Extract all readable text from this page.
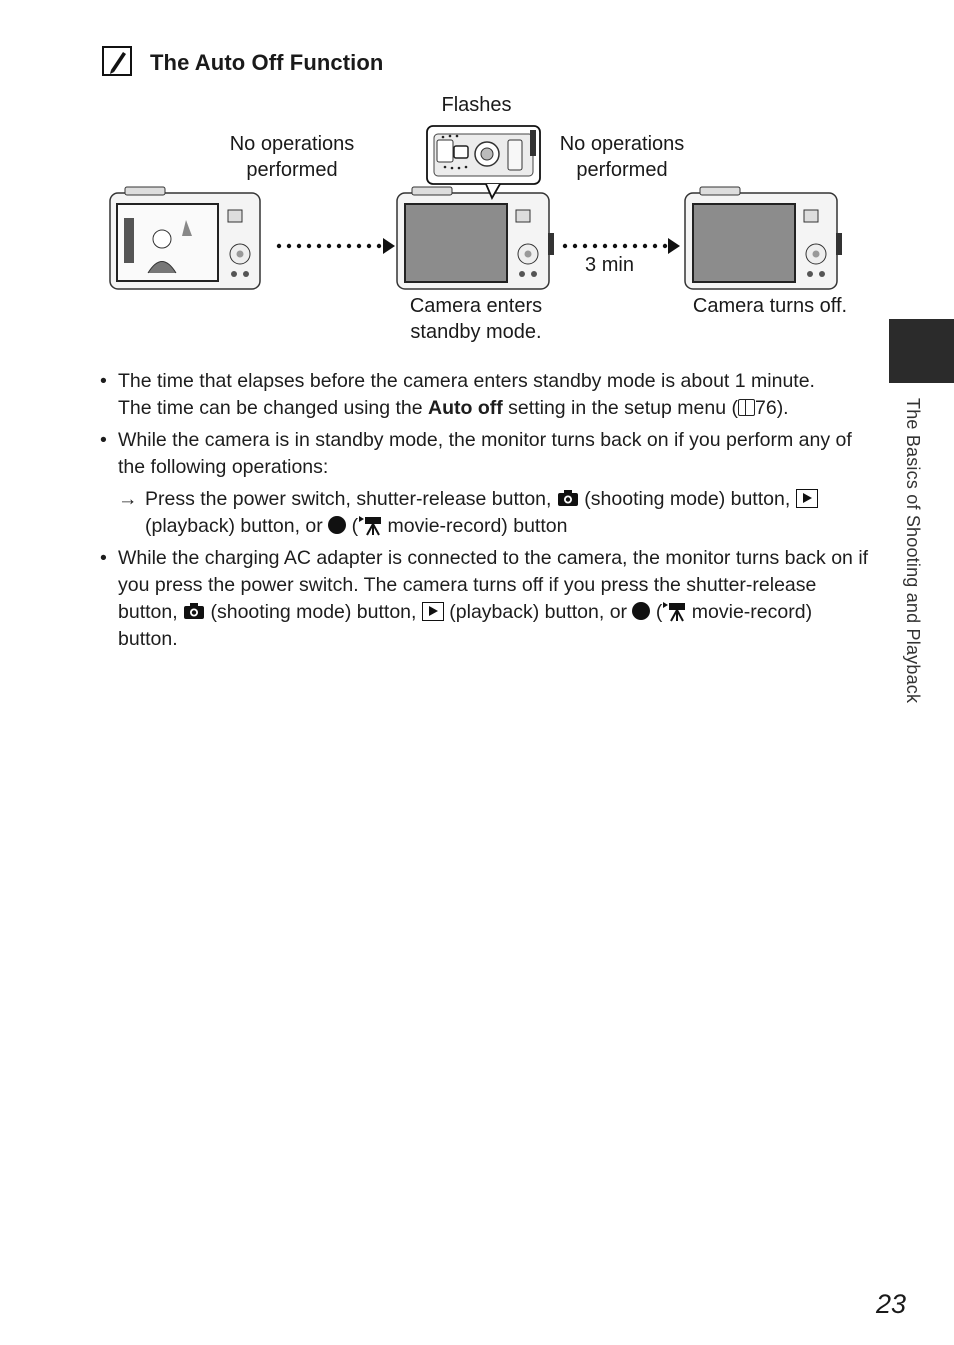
The Auto Off Function
Flashes
No operations
performed
No operations
performed
3 min
Camera enters
standby mode.
Camera turns off.
The Basics of Shooting and Playback
• The time that elapses before the camera enters standby mode is about 1 minute.
The time can be changed using the Auto off setting in the setup menu ( 76).
• While the camera is in standby mode, the monitor turns back on if you perform any of the following operations:
→ Press the power switch, shutter-release button,  (shooting mode) button,  (playback) button, or  ( movie-record) button
• While the charging AC adapter is connected to the camera, the monitor turns back on if you press the power switch. The camera turns off if you press the shutter-release button,  (shooting mode) button,  (playback) button, or  ( movie-record) button.
23
